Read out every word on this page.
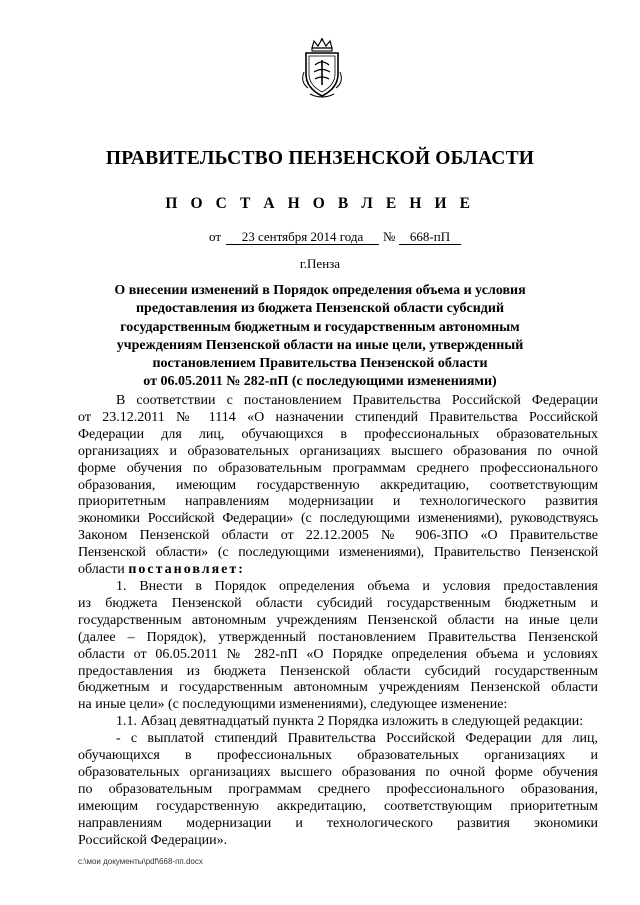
ПРАВИТЕЛЬСТВО ПЕНЗЕНСКОЙ ОБЛАСТИ
П О С Т А Н О В Л Е Н И Е
от	23 сентября 2014 года	№	668-пП
г.Пенза
О внесении изменений в Порядок определения объема и условия
предоставления из бюджета Пензенской области субсидий
государственным бюджетным и государственным автономным
учреждениям Пензенской области на иные цели, утвержденный
постановлением Правительства Пензенской области
от 06.05.2011 № 282-пП (с последующими изменениями)
В соответствии с постановлением Правительства Российской Федерации
от 23.12.2011 № 1114 «О назначении стипендий Правительства Российской
Федерации для лиц, обучающихся в профессиональных образовательных
организациях и образовательных организациях высшего образования по очной
форме обучения по образовательным программам среднего профессионального
образования, имеющим государственную аккредитацию, соответствующим
приоритетным направлениям модернизации и технологического развития
экономики Российской Федерации» (с последующими изменениями), руководствуясь
Законом Пензенской области от 22.12.2005 № 906-ЗПО «О Правительстве
Пензенской области» (с последующими изменениями), Правительство Пензенской
области постановляет:
1. Внести в Порядок определения объема и условия предоставления
из бюджета Пензенской области субсидий государственным бюджетным и
государственным автономным учреждениям Пензенской области на иные цели
(далее – Порядок), утвержденный постановлением Правительства Пензенской
области от 06.05.2011 № 282-пП «О Порядке определения объема и условиях
предоставления из бюджета Пензенской области субсидий государственным
бюджетным и государственным автономным учреждениям Пензенской области
на иные цели» (с последующими изменениями), следующее изменение:
1.1. Абзац девятнадцатый пункта 2 Порядка изложить в следующей редакции:
- с выплатой стипендий Правительства Российской Федерации для лиц,
обучающихся в профессиональных образовательных организациях и
образовательных организациях высшего образования по очной форме обучения
по образовательным программам среднего профессионального образования,
имеющим государственную аккредитацию, соответствующим приоритетным
направлениям модернизации и технологического развития экономики
Российской Федерации».
c:\мои документы\pdf\668-пп.docx
